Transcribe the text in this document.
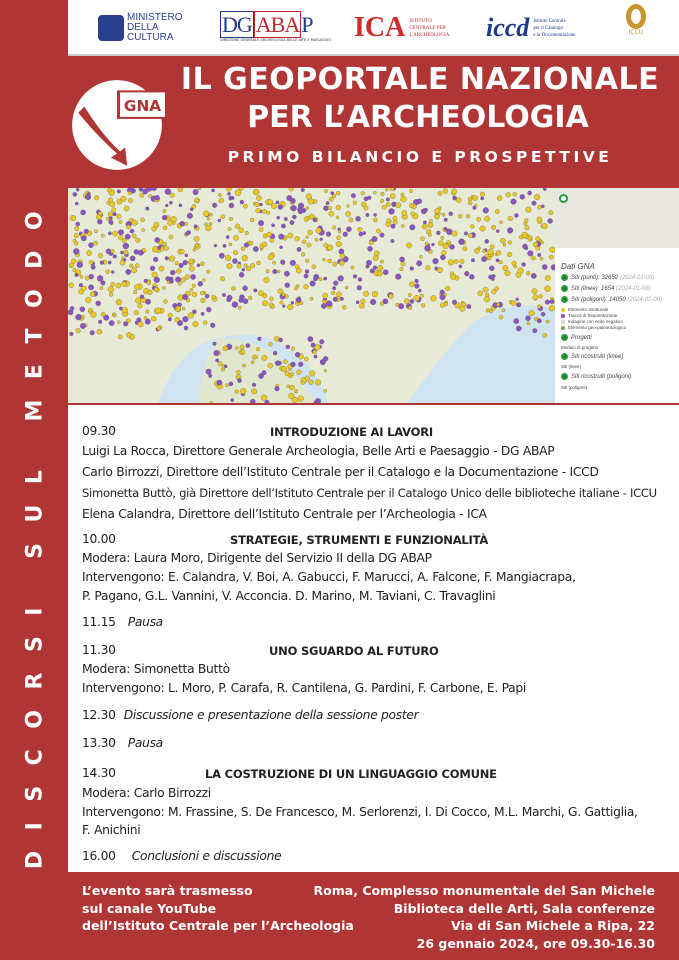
MINISTERO
DELLA
CULTURA
DG ABAP
DIREZIONE GENERALE ARCHEOLOGIA BELLE ARTI E PAESAGGIO ICA ISTITUTO
CENTRALE PER
L'ARCHEOLOGIA iccd Istituto Centrale
per il Catalogo
e la Documentazione	ICCU
GNA
IL GEOPORTALE NAZIONALE
PER L’ARCHEOLOGIA
PRIMO BILANCIO E PROSPETTIVE
DISCORSI SUL METODO	Dati GNA
Siti (punti): 32652 (2024-01-08)
Siti (linee): 1654 (2024-01-08)
Siti (poligoni): 14050 (2024-01-08)
Elemento strutturale
Tracce di frequentazione
Indagine con esito negativo
Elemento geo-paleontologico
Progetti
Modulo di progetto
Siti ricostruiti (linee)
Siti (linee)
Siti ricostruiti (poligoni)
Siti (poligoni)
09.30	INTRODUZIONE AI LAVORI
Luigi La Rocca, Direttore Generale Archeologia, Belle Arti e Paesaggio - DG ABAP
Carlo Birrozzi, Direttore dell’Istituto Centrale per il Catalogo e la Documentazione - ICCD
Simonetta Buttò, già Direttore dell’Istituto Centrale per il Catalogo Unico delle biblioteche italiane - ICCU
Elena Calandra, Direttore dell’Istituto Centrale per l’Archeologia - ICA
10.00	STRATEGIE, STRUMENTI E FUNZIONALITÀ
Modera: Laura Moro, Dirigente del Servizio II della DG ABAP
Intervengono: E. Calandra, V. Boi, A. Gabucci, F. Marucci, A. Falcone, F. Mangiacrapa,
P. Pagano, G.L. Vannini, V. Acconcia. D. Marino, M. Taviani, C. Travaglini
11.15 Pausa
11.30	UNO SGUARDO AL FUTURO
Modera: Simonetta Buttò
Intervengono: L. Moro, P. Carafa, R. Cantilena, G. Pardini, F. Carbone, E. Papi
12.30 Discussione e presentazione della sessione poster
13.30 Pausa
14.30	LA COSTRUZIONE DI UN LINGUAGGIO COMUNE
Modera: Carlo Birrozzi
Intervengono: M. Frassine, S. De Francesco, M. Serlorenzi, I. Di Cocco, M.L. Marchi, G. Gattiglia,
F. Anichini
16.00 Conclusioni e discussione
L’evento sarà trasmesso
sul canale YouTube
dell’Istituto Centrale per l’Archeologia
Roma, Complesso monumentale del San Michele
Biblioteca delle Arti, Sala conferenze
Via di San Michele a Ripa, 22
26 gennaio 2024, ore 09.30-16.30
